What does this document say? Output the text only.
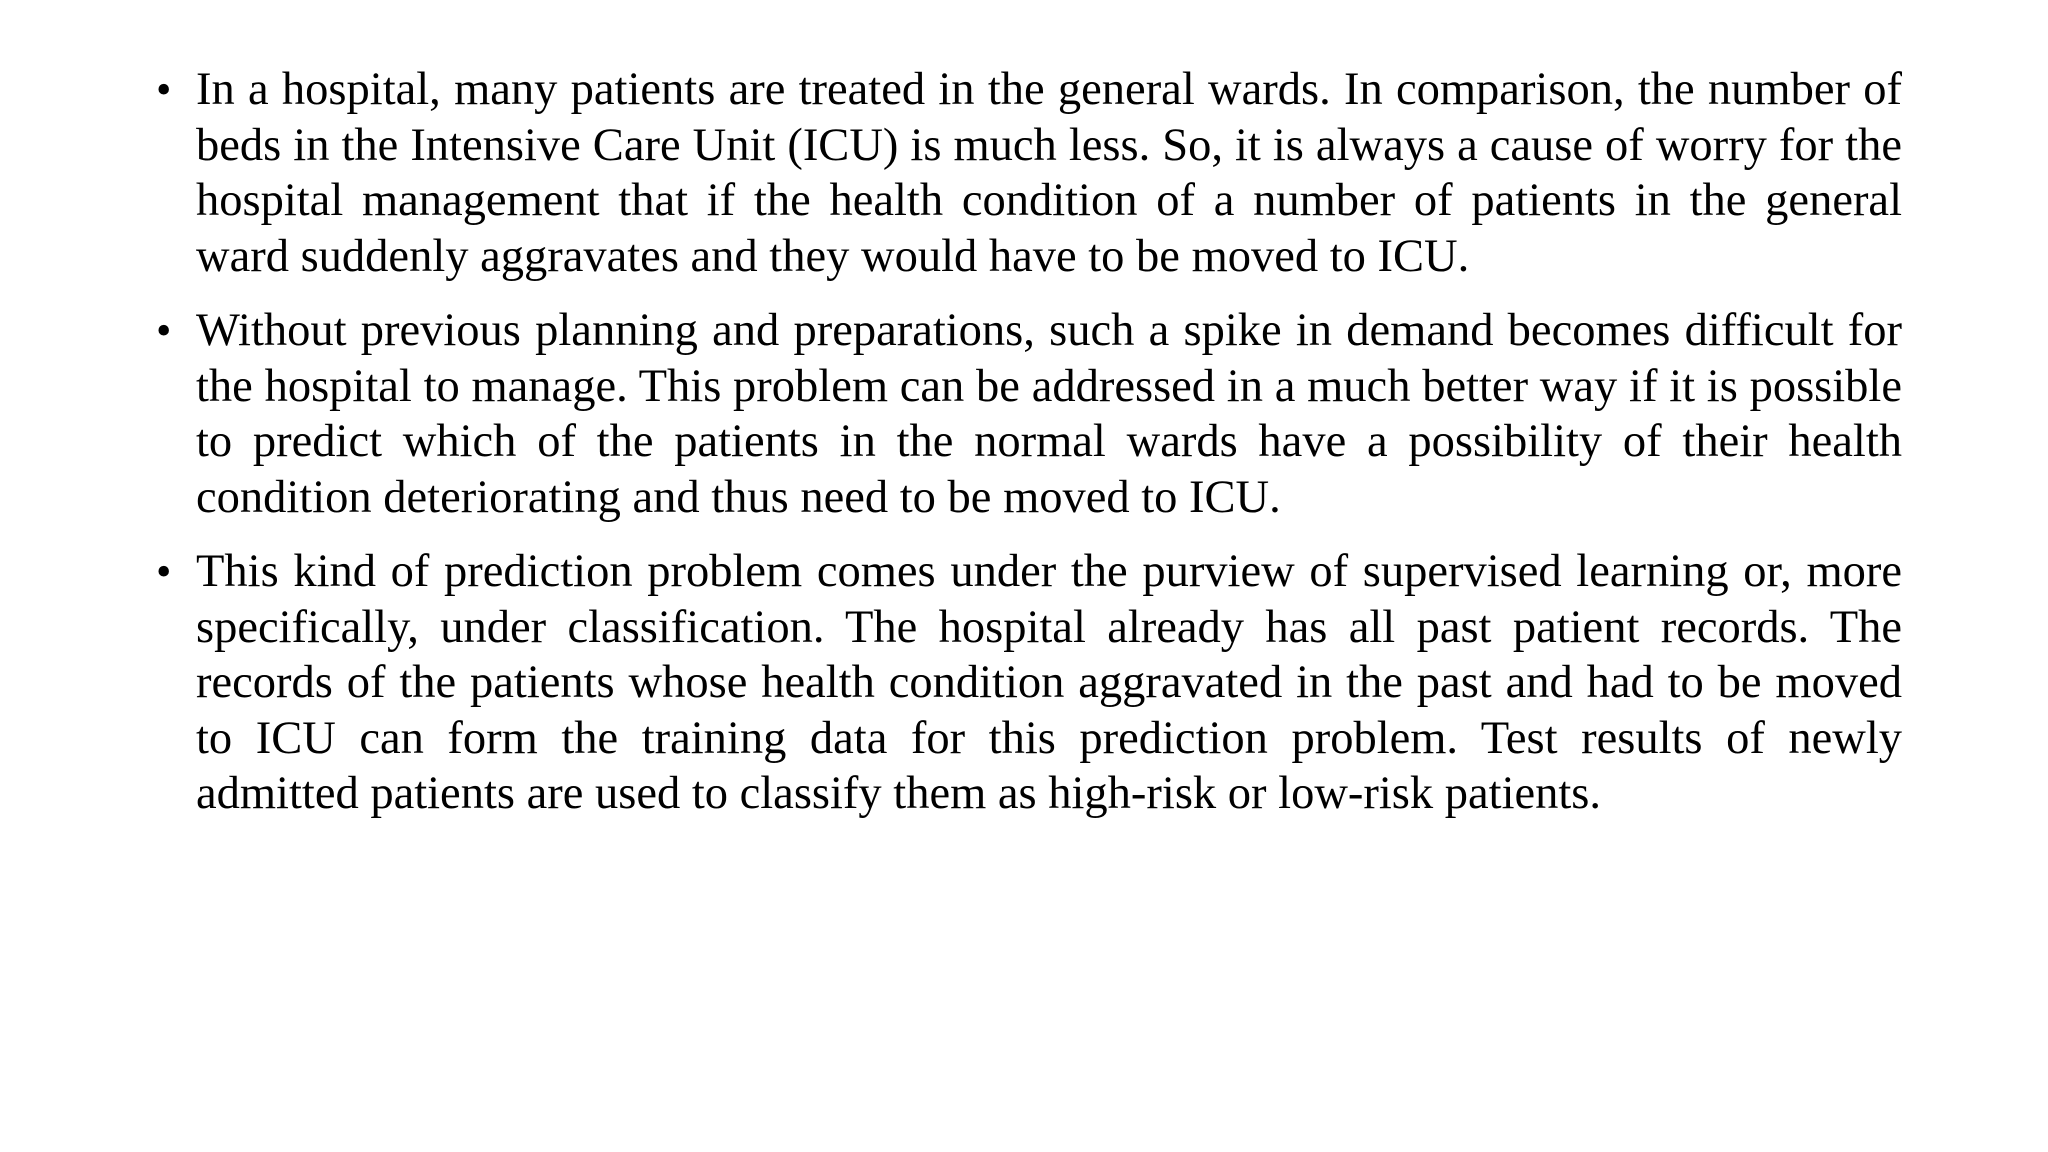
• In a hospital, many patients are treated in the general wards. In comparison, the number of beds in the Intensive Care Unit (ICU) is much less. So, it is always a cause of worry for the hospital management that if the health condition of a number of patients in the general ward suddenly aggravates and they would have to be moved to ICU.
• Without previous planning and preparations, such a spike in demand becomes difficult for the hospital to manage. This problem can be addressed in a much better way if it is possible to predict which of the patients in the normal wards have a possibility of their health condition deteriorating and thus need to be moved to ICU.
• This kind of prediction problem comes under the purview of supervised learning or, more specifically, under classification. The hospital already has all past patient records. The records of the patients whose health condition aggravated in the past and had to be moved to ICU can form the training data for this prediction problem. Test results of newly admitted patients are used to classify them as high-risk or low-risk patients.
